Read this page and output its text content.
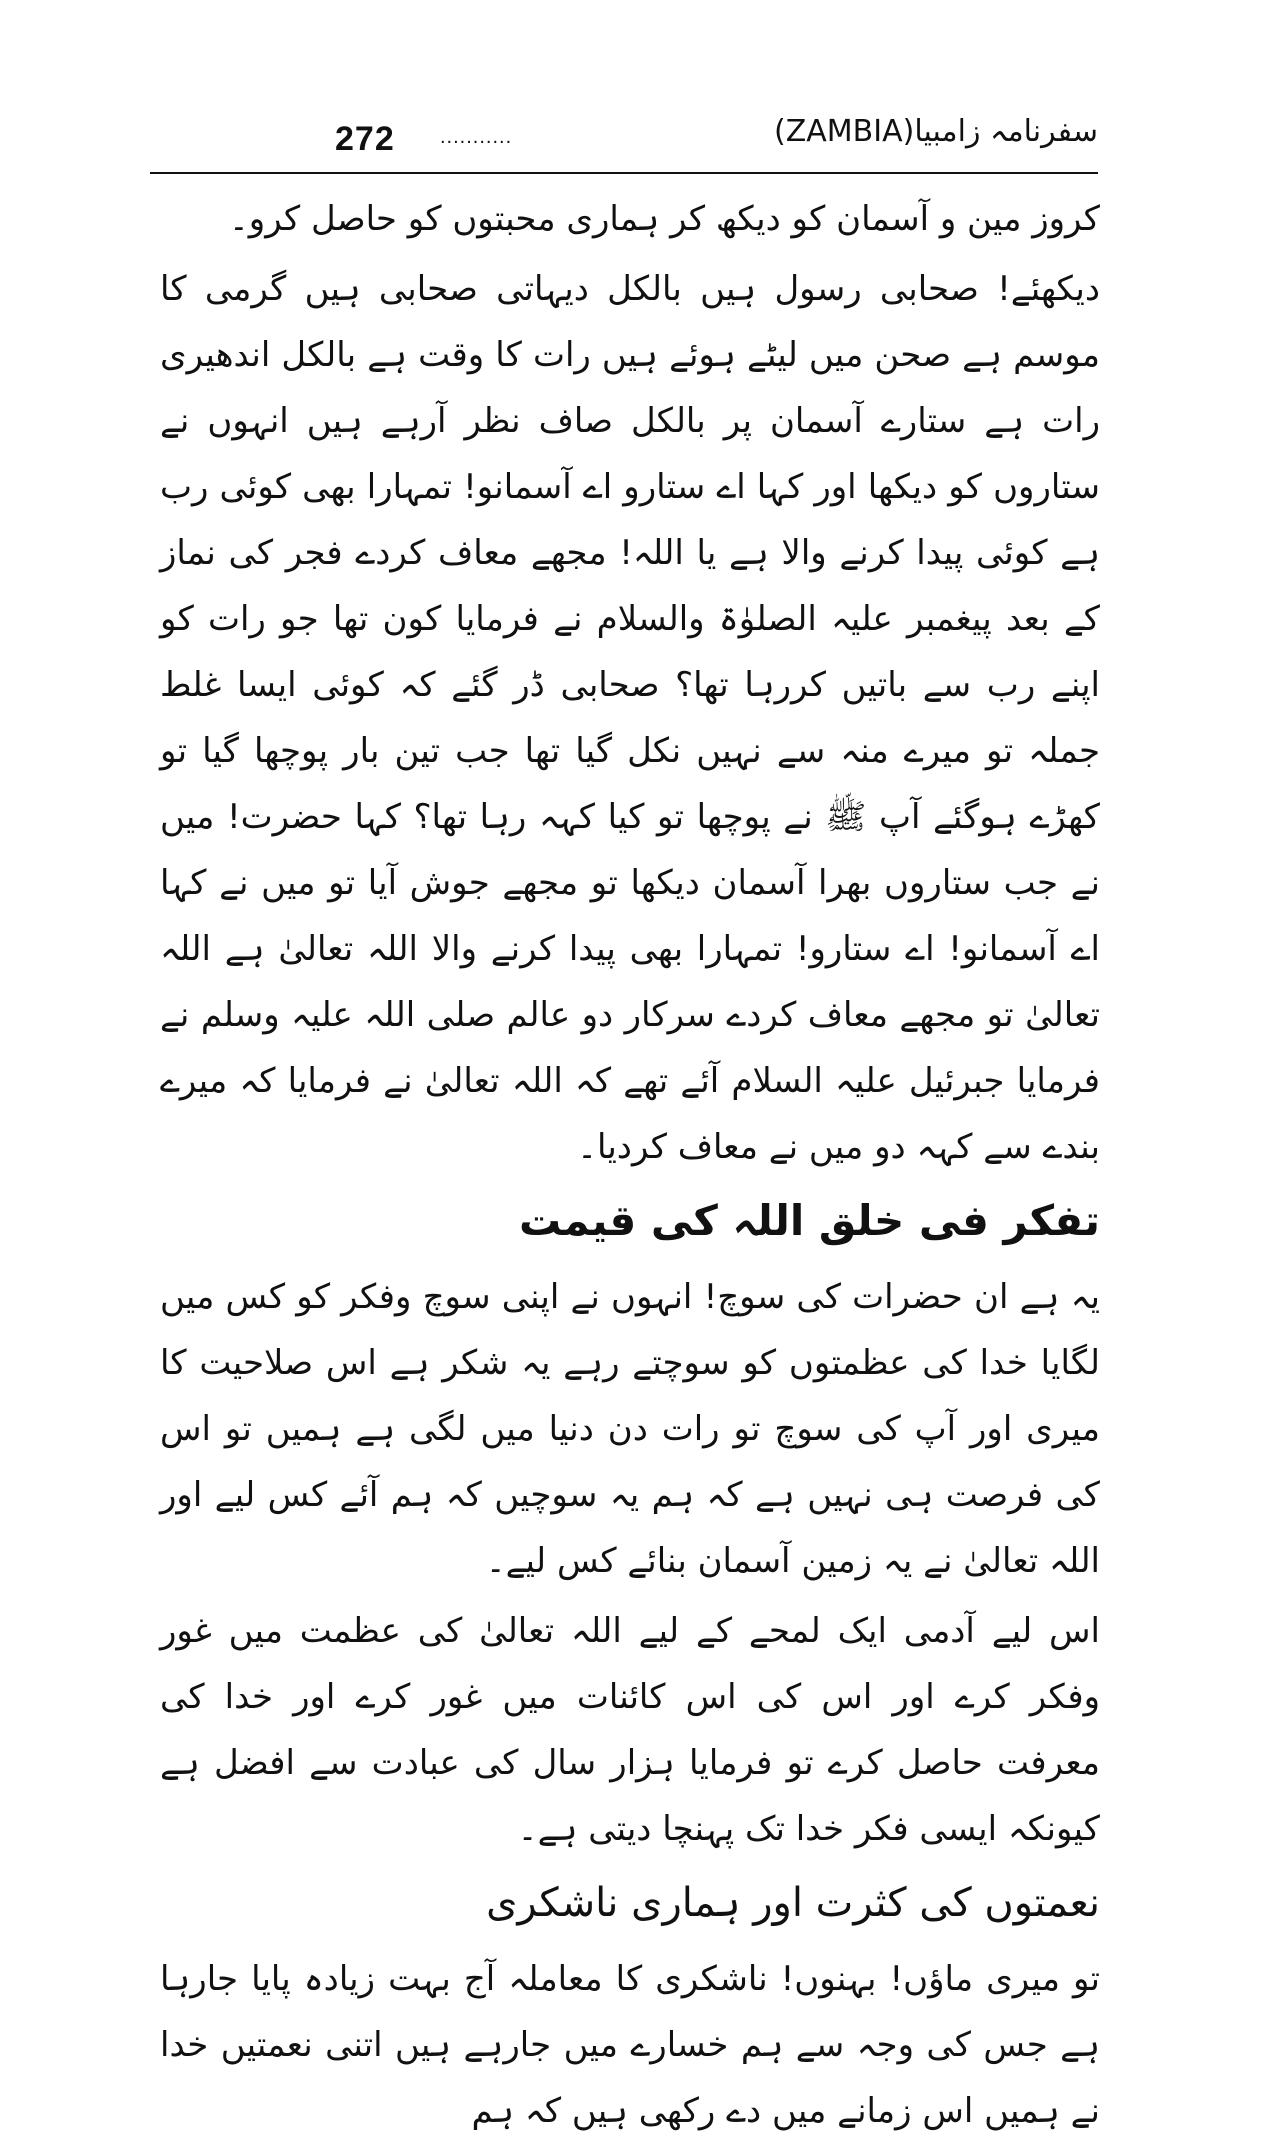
272 ...........	سفرنامہ زامبیا(ZAMBIA)

کروز مین و آسمان کو دیکھ کر ہماری محبتوں کو حاصل کرو۔

دیکھئے! صحابی رسول ہیں بالکل دیہاتی صحابی ہیں گرمی کا موسم ہے صحن میں لیٹے ہوئے ہیں رات کا وقت ہے بالکل اندھیری رات ہے ستارے آسمان پر بالکل صاف نظر آرہے ہیں انہوں نے ستاروں کو دیکھا اور کہا اے ستارو اے آسمانو! تمہارا بھی کوئی رب ہے کوئی پیدا کرنے والا ہے یا اللہ! مجھے معاف کردے فجر کی نماز کے بعد پیغمبر علیہ الصلوٰۃ والسلام نے فرمایا کون تھا جو رات کو اپنے رب سے باتیں کررہا تھا؟ صحابی ڈر گئے کہ کوئی ایسا غلط جملہ تو میرے منہ سے نہیں نکل گیا تھا جب تین بار پوچھا گیا تو کھڑے ہوگئے آپ ﷺ نے پوچھا تو کیا کہہ رہا تھا؟ کہا حضرت! میں نے جب ستاروں بھرا آسمان دیکھا تو مجھے جوش آیا تو میں نے کہا اے آسمانو! اے ستارو! تمہارا بھی پیدا کرنے والا اللہ تعالیٰ ہے اللہ تعالیٰ تو مجھے معاف کردے سرکار دو عالم صلی اللہ علیہ وسلم نے فرمایا جبرئیل علیہ السلام آئے تھے کہ اللہ تعالیٰ نے فرمایا کہ میرے بندے سے کہہ دو میں نے معاف کردیا۔

تفکر فی خلق اللہ کی قیمت

یہ ہے ان حضرات کی سوچ! انہوں نے اپنی سوچ وفکر کو کس میں لگایا خدا کی عظمتوں کو سوچتے رہے یہ شکر ہے اس صلاحیت کا میری اور آپ کی سوچ تو رات دن دنیا میں لگی ہے ہمیں تو اس کی فرصت ہی نہیں ہے کہ ہم یہ سوچیں کہ ہم آئے کس لیے اور اللہ تعالیٰ نے یہ زمین آسمان بنائے کس لیے۔

اس لیے آدمی ایک لمحے کے لیے اللہ تعالیٰ کی عظمت میں غور وفکر کرے اور اس کی اس کائنات میں غور کرے اور خدا کی معرفت حاصل کرے تو فرمایا ہزار سال کی عبادت سے افضل ہے کیونکہ ایسی فکر خدا تک پہنچا دیتی ہے۔

نعمتوں کی کثرت اور ہماری ناشکری

تو میری ماؤں! بہنوں! ناشکری کا معاملہ آج بہت زیادہ پایا جارہا ہے جس کی وجہ سے ہم خسارے میں جارہے ہیں اتنی نعمتیں خدا نے ہمیں اس زمانے میں دے رکھی ہیں کہ ہم
